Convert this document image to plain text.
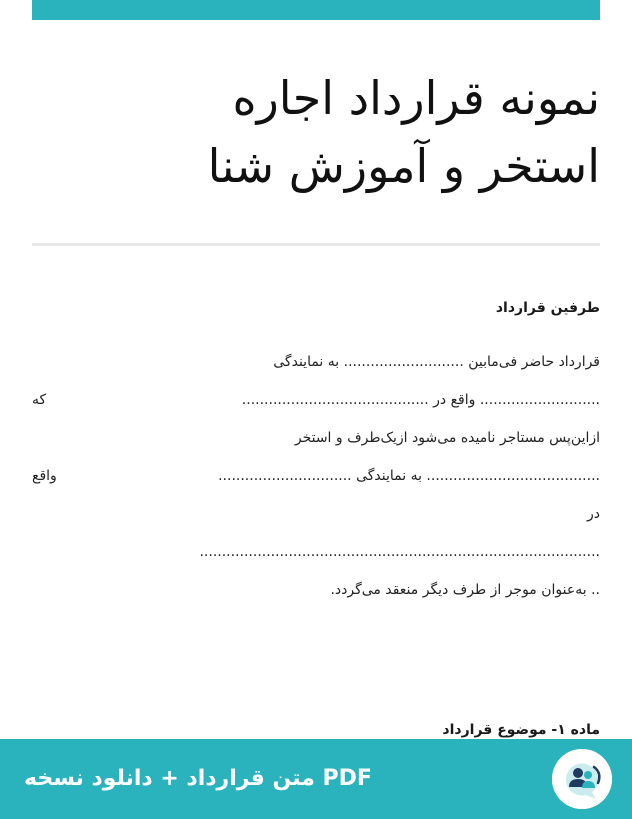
نمونه قرارداد اجاره
استخر و آموزش شنا
طرفین قرارداد
قرارداد حاضر فی‌مابین ........................... به نمایندگی
........................... واقع در ..........................................
که
ازاین‌پس مستاجر نامیده می‌شود ازیک‌طرف و استخر
....................................... به نمایندگی ..............................
واقع
در
..........................................................................................
.. به‌عنوان موجر از طرف دیگر منعقد می‌گردد.
ماده ۱- موضوع قرارداد
متن قرارداد + دانلود نسخه PDF
